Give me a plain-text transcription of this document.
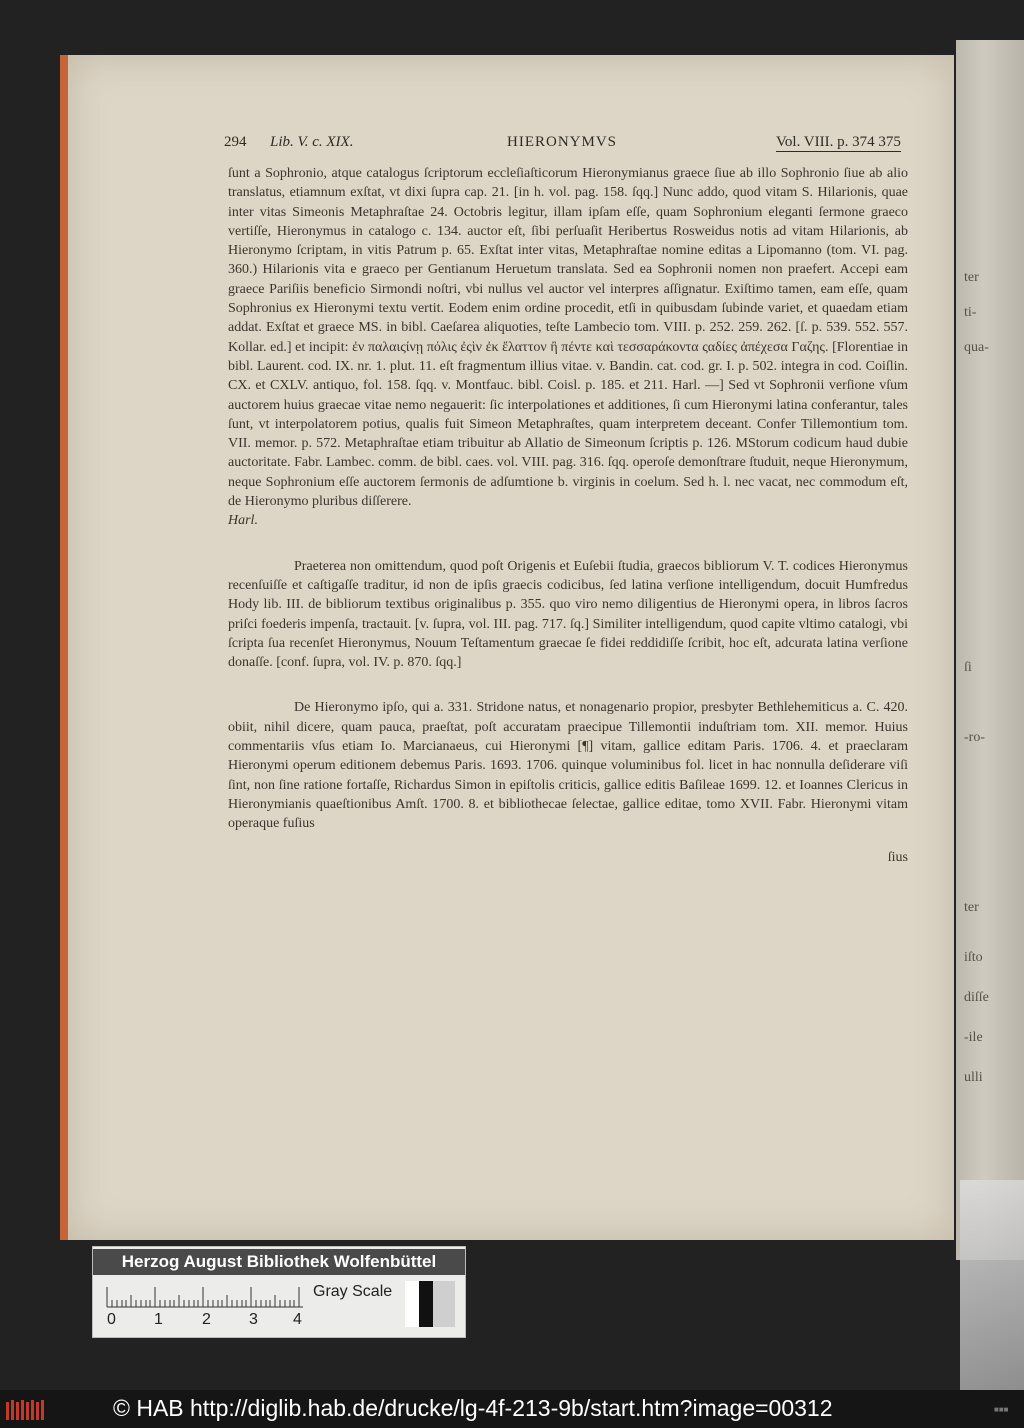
ter
ti-
qua-
ſi
-ro-
ter
iſto
diſſe
-ile
ulli
294 Lib. V. c. XIX.	HIERONYMVS	Vol. VIII. p. 374 375

ſunt a Sophronio, atque catalogus ſcriptorum eccleſiaſticorum Hieronymianus graece ſiue ab illo Sophronio ſiue ab alio translatus, etiamnum exſtat, vt dixi ſupra cap. 21. [in h. vol. pag. 158. ſqq.] Nunc addo, quod vitam S. Hilarionis, quae inter vitas Simeonis Metaphraſtae 24. Octobris legitur, illam ipſam eſſe, quam Sophronium eleganti ſermone graeco vertiſſe, Hieronymus in catalogo c. 134. auctor eſt, ſibi perſuaſit Heribertus Rosweidus notis ad vitam Hilarionis, ab Hieronymo ſcriptam, in vitis Patrum p. 65. Exſtat inter vitas, Metaphraſtae nomine editas a Lipomanno (tom. VI. pag. 360.) Hilarionis vita e graeco per Gentianum Heruetum translata. Sed ea Sophronii nomen non praefert. Accepi eam graece Pariſiis beneficio Sirmondi noſtri, vbi nullus vel auctor vel interpres aſſignatur. Exiſtimo tamen, eam eſſe, quam Sophronius ex Hieronymi textu vertit. Eodem enim ordine procedit, etſi in quibusdam ſubinde variet, et quaedam etiam addat. Exſtat et graece MS. in bibl. Caeſarea aliquoties, teſte Lambecio tom. VIII. p. 252. 259. 262. [ſ. p. 539. 552. 557. Kollar. ed.] et incipit: ἐν παλαιςίνῃ πόλις ἐςὶν ἐκ ἔλαττον ἢ πέντε καὶ τεσσαράκοντα ςαδίες ἀπέχεσα Γαζης. [Florentiae in bibl. Laurent. cod. IX. nr. 1. plut. 11. eſt fragmentum illius vitae. v. Bandin. cat. cod. gr. I. p. 502. integra in cod. Coiſlin. CX. et CXLV. antiquo, fol. 158. ſqq. v. Montfauc. bibl. Coisl. p. 185. et 211. Harl. —] Sed vt Sophronii verſione vſum auctorem huius graecae vitae nemo negauerit: ſic interpolationes et additiones, ſi cum Hieronymi latina conferantur, tales ſunt, vt interpolatorem potius, qualis fuit Simeon Metaphraſtes, quam interpretem deceant. Confer Tillemontium tom. VII. memor. p. 572. Metaphraſtae etiam tribuitur ab Allatio de Simeonum ſcriptis p. 126. MStorum codicum haud dubie auctoritate. Fabr. Lambec. comm. de bibl. caes. vol. VIII. pag. 316. ſqq. operoſe demonſtrare ſtuduit, neque Hieronymum, neque Sophronium eſſe auctorem ſermonis de adſumtione b. virginis in coelum. Sed h. l. nec vacat, nec commodum eſt, de Hieronymo pluribus diſſerere.

Harl.

Praeterea non omittendum, quod poſt Origenis et Euſebii ſtudia, graecos bibliorum V. T. codices Hieronymus recenſuiſſe et caſtigaſſe traditur, id non de ipſis graecis codicibus, ſed latina verſione intelligendum, docuit Humfredus Hody lib. III. de bibliorum textibus originalibus p. 355. quo viro nemo diligentius de Hieronymi opera, in libros ſacros priſci foederis impenſa, tractauit. [v. ſupra, vol. III. pag. 717. ſq.] Similiter intelligendum, quod capite vltimo catalogi, vbi ſcripta ſua recenſet Hieronymus, Nouum Teſtamentum graecae ſe fidei reddidiſſe ſcribit, hoc eſt, adcurata latina verſione donaſſe. [conf. ſupra, vol. IV. p. 870. ſqq.]

De Hieronymo ipſo, qui a. 331. Stridone natus, et nonagenario propior, presbyter Bethlehemiticus a. C. 420. obiit, nihil dicere, quam pauca, praeſtat, poſt accuratam praecipue Tillemontii induſtriam tom. XII. memor. Huius commentariis vſus etiam Io. Marcianaeus, cui Hieronymi [¶] vitam, gallice editam Paris. 1706. 4. et praeclaram Hieronymi operum editionem debemus Paris. 1693. 1706. quinque voluminibus fol. licet in hac nonnulla deſiderare viſi ſint, non ſine ratione fortaſſe, Richardus Simon in epiſtolis criticis, gallice editis Baſileae 1699. 12. et Ioannes Clericus in Hieronymianis quaeſtionibus Amſt. 1700. 8. et bibliothecae ſelectae, gallice editae, tomo XVII. Fabr. Hieronymi vitam operaque fuſius

ſius

Herzog August Bibliothek Wolfenbüttel
Gray Scale
0 1 2 3 4
© HAB http://diglib.hab.de/drucke/lg-4f-213-9b/start.htm?image=00312	■■■
